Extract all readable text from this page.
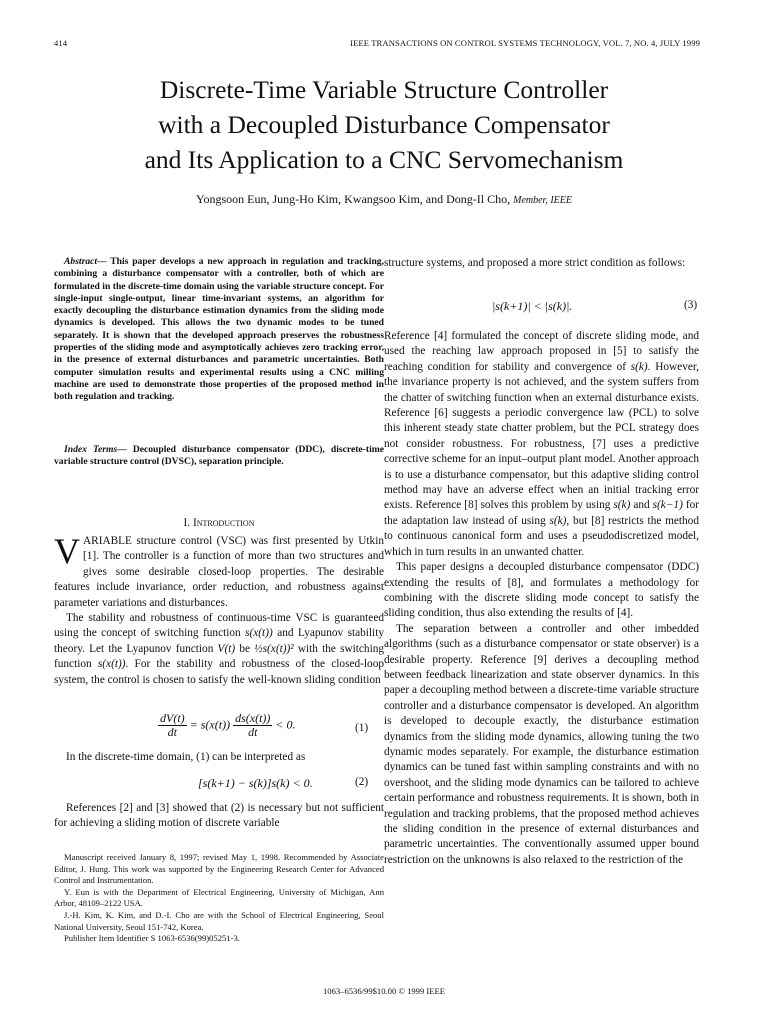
414	IEEE TRANSACTIONS ON CONTROL SYSTEMS TECHNOLOGY, VOL. 7, NO. 4, JULY 1999
Discrete-Time Variable Structure Controller
with a Decoupled Disturbance Compensator
and Its Application to a CNC Servomechanism
Yongsoon Eun, Jung-Ho Kim, Kwangsoo Kim, and Dong-Il Cho, Member, IEEE
Abstract— This paper develops a new approach in regulation and tracking, combining a disturbance compensator with a controller, both of which are formulated in the discrete-time domain using the variable structure concept. For single-input single-output, linear time-invariant systems, an algorithm for exactly decoupling the disturbance estimation dynamics from the sliding mode dynamics is developed. This allows the two dynamic modes to be tuned separately. It is shown that the developed approach preserves the robustness properties of the sliding mode and asymptotically achieves zero tracking error, in the presence of external disturbances and parametric uncertainties. Both computer simulation results and experimental results using a CNC milling machine are used to demonstrate those properties of the proposed method in both regulation and tracking.
Index Terms— Decoupled disturbance compensator (DDC), discrete-time variable structure control (DVSC), separation principle.
I. Introduction

VARIABLE structure control (VSC) was first presented by Utkin [1]. The controller is a function of more than two structures and gives some desirable closed-loop properties. The desirable features include invariance, order reduction, and robustness against parameter variations and disturbances.

The stability and robustness of continuous-time VSC is guaranteed using the concept of switching function s(x(t)) and Lyapunov stability theory. Let the Lyapunov function V(t) be ½s(x(t))² with the switching function s(x(t)). For the stability and robustness of the closed-loop system, the control is chosen to satisfy the well-known sliding condition

$\frac{dV(t)}{dt} = s(x(t)) \frac{ds(x(t))}{dt} < 0$.	(1)

In the discrete-time domain, (1) can be interpreted as

[s(k+1) − s(k)]s(k) < 0.	(2)

References [2] and [3] showed that (2) is necessary but not sufficient for achieving a sliding motion of discrete variable

Manuscript received January 8, 1997; revised May 1, 1998. Recommended by Associate Editor, J. Hung. This work was supported by the Engineering Research Center for Advanced Control and Instrumentation.

Y. Eun is with the Department of Electrical Engineering, University of Michigan, Ann Arbor, 48109–2122 USA.

J.-H. Kim, K. Kim, and D.-I. Cho are with the School of Electrical Engineering, Seoul National University, Seoul 151-742, Korea.

Publisher Item Identifier S 1063-6536(99)05251-3.

structure systems, and proposed a more strict condition as follows:

|s(k+1)| < |s(k)|.	(3)

Reference [4] formulated the concept of discrete sliding mode, and used the reaching law approach proposed in [5] to satisfy the reaching condition for stability and convergence of s(k). However, the invariance property is not achieved, and the system suffers from the chatter of switching function when an external disturbance exists. Reference [6] suggests a periodic convergence law (PCL) to solve this inherent steady state chatter problem, but the PCL strategy does not consider robustness. For robustness, [7] uses a predictive corrective scheme for an input–output plant model. Another approach is to use a disturbance compensator, but this adaptive sliding control method may have an adverse effect when an initial tracking error exists. Reference [8] solves this problem by using s(k) and s(k−1) for the adaptation law instead of using s(k), but [8] restricts the method to continuous canonical form and uses a pseudodiscretized model, which in turn results in an unwanted chatter.

This paper designs a decoupled disturbance compensator (DDC) extending the results of [8], and formulates a methodology for combining with the discrete sliding mode concept to satisfy the sliding condition, thus also extending the results of [4].

The separation between a controller and other imbedded algorithms (such as a disturbance compensator or state observer) is a desirable property. Reference [9] derives a decoupling method between feedback linearization and state observer dynamics. In this paper a decoupling method between a discrete-time variable structure controller and a disturbance compensator is developed. An algorithm is developed to decouple exactly, the disturbance estimation dynamics from the sliding mode dynamics, allowing tuning the two dynamic modes separately. For example, the disturbance estimation dynamics can be tuned fast within sampling constraints and with no overshoot, and the sliding mode dynamics can be tailored to achieve certain performance and robustness requirements. It is shown, both in regulation and tracking problems, that the proposed method achieves the sliding condition in the presence of external disturbances and parametric uncertainties. The conventionally assumed upper bound restriction on the unknowns is also relaxed to the restriction of the

1063–6536/99$10.00 © 1999 IEEE
